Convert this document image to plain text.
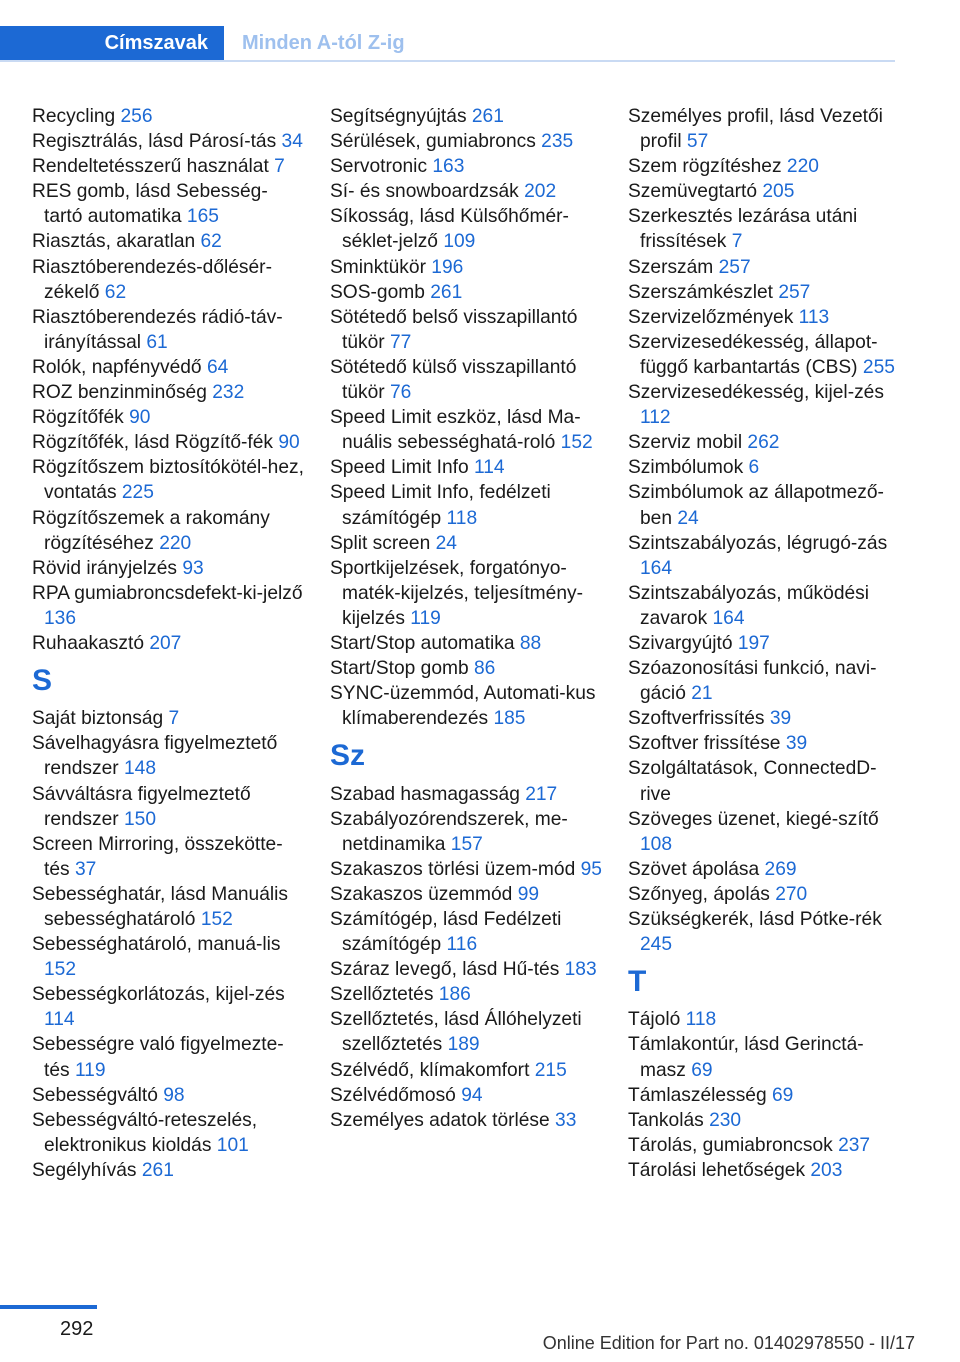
Címszavak	Minden A-tól Z-ig
Recycling 256
Regisztrálás, lásd Párosí‐tás 34
Rendeltetésszerű használat 7
RES gomb, lásd Sebesség‐tartó automatika 165
Riasztás, akaratlan 62
Riasztóberendezés-dőlésér‐zékelő 62
Riasztóberendezés rádió-táv‐irányítással 61
Rolók, napfényvédő 64
ROZ benzinminőség 232
Rögzítőfék 90
Rögzítőfék, lásd Rögzítő‐fék 90
Rögzítőszem biztosítókötél‐hez, vontatás 225
Rögzítőszemek a rakomány rögzítéséhez 220
Rövid irányjelzés 93
RPA gumiabroncsdefekt-ki‐jelző 136
Ruhaakasztó 207
S
Saját biztonság 7
Sávelhagyásra figyelmeztető rendszer 148
Sávváltásra figyelmeztető rendszer 150
Screen Mirroring, összekötte‐tés 37
Sebességhatár, lásd Manuális sebességhatároló 152
Sebességhatároló, manuá‐lis 152
Sebességkorlátozás, kijel‐zés 114
Sebességre való figyelmezte‐tés 119
Sebességváltó 98
Sebességváltó-reteszelés, elektronikus kioldás 101
Segélyhívás 261
Segítségnyújtás 261
Sérülések, gumiabroncs 235
Servotronic 163
Sí- és snowboardzsák 202
Síkosság, lásd Külsőhőmér‐séklet-jelző 109
Sminktükör 196
SOS-gomb 261
Sötétedő belső visszapillantó tükör 77
Sötétedő külső visszapillantó tükör 76
Speed Limit eszköz, lásd Ma‐nuális sebességhatá‐roló 152
Speed Limit Info 114
Speed Limit Info, fedélzeti számítógép 118
Split screen 24
Sportkijelzések, forgatónyo‐maték-kijelzés, teljesítmény‐kijelzés 119
Start/Stop automatika 88
Start/Stop gomb 86
SYNC-üzemmód, Automati‐kus klímaberendezés 185
Sz
Szabad hasmagasság 217
Szabályozórendszerek, me‐netdinamika 157
Szakaszos törlési üzem‐mód 95
Szakaszos üzemmód 99
Számítógép, lásd Fedélzeti számítógép 116
Száraz levegő, lásd Hű‐tés 183
Szellőztetés 186
Szellőztetés, lásd Állóhelyzeti szellőztetés 189
Szélvédő, klímakomfort 215
Szélvédőmosó 94
Személyes adatok törlése 33
Személyes profil, lásd Vezetői profil 57
Szem rögzítéshez 220
Szemüvegtartó 205
Szerkesztés lezárása utáni frissítések 7
Szerszám 257
Szerszámkészlet 257
Szervizelőzmények 113
Szervizesedékesség, állapot‐függő karbantartás (CBS) 255
Szervizesedékesség, kijel‐zés 112
Szerviz mobil 262
Szimbólumok 6
Szimbólumok az állapotmező‐ben 24
Szintszabályozás, légrugó‐zás 164
Szintszabályozás, működési zavarok 164
Szivargyújtó 197
Szóazonosítási funkció, navi‐gáció 21
Szoftverfrissítés 39
Szoftver frissítése 39
Szolgáltatások, ConnectedD‐rive
Szöveges üzenet, kiegé‐szítő 108
Szövet ápolása 269
Szőnyeg, ápolás 270
Szükségkerék, lásd Pótke‐rék 245
T
Tájoló 118
Támlakontúr, lásd Gerinctá‐masz 69
Támlaszélesség 69
Tankolás 230
Tárolás, gumiabroncsok 237
Tárolási lehetőségek 203
292
Online Edition for Part no. 01402978550 - II/17
